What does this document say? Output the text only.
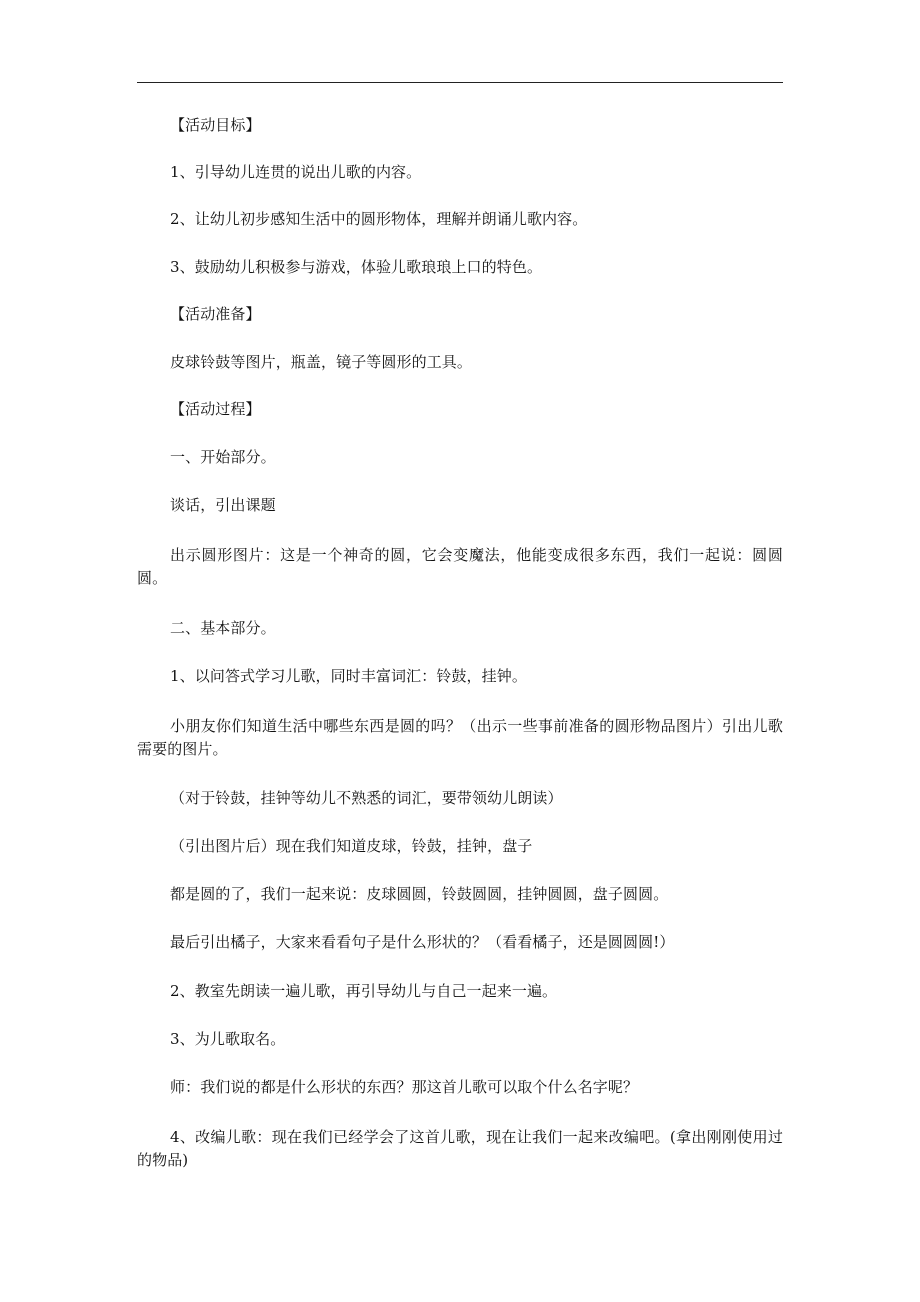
【活动目标】
1、引导幼儿连贯的说出儿歌的内容。
2、让幼儿初步感知生活中的圆形物体，理解并朗诵儿歌内容。
3、鼓励幼儿积极参与游戏，体验儿歌琅琅上口的特色。
【活动准备】
皮球铃鼓等图片，瓶盖，镜子等圆形的工具。
【活动过程】
一、开始部分。
谈话，引出课题
出示圆形图片：这是一个神奇的圆，它会变魔法，他能变成很多东西，我们一起说：圆圆圆。
二、基本部分。
1、以问答式学习儿歌，同时丰富词汇：铃鼓，挂钟。
小朋友你们知道生活中哪些东西是圆的吗？（出示一些事前准备的圆形物品图片）引出儿歌需要的图片。
（对于铃鼓，挂钟等幼儿不熟悉的词汇，要带领幼儿朗读）
（引出图片后）现在我们知道皮球，铃鼓，挂钟，盘子
都是圆的了，我们一起来说：皮球圆圆，铃鼓圆圆，挂钟圆圆，盘子圆圆。
最后引出橘子，大家来看看句子是什么形状的？（看看橘子，还是圆圆圆!）
2、教室先朗读一遍儿歌，再引导幼儿与自己一起来一遍。
3、为儿歌取名。
师：我们说的都是什么形状的东西？那这首儿歌可以取个什么名字呢？
4、改编儿歌：现在我们已经学会了这首儿歌，现在让我们一起来改编吧。(拿出刚刚使用过的物品)
